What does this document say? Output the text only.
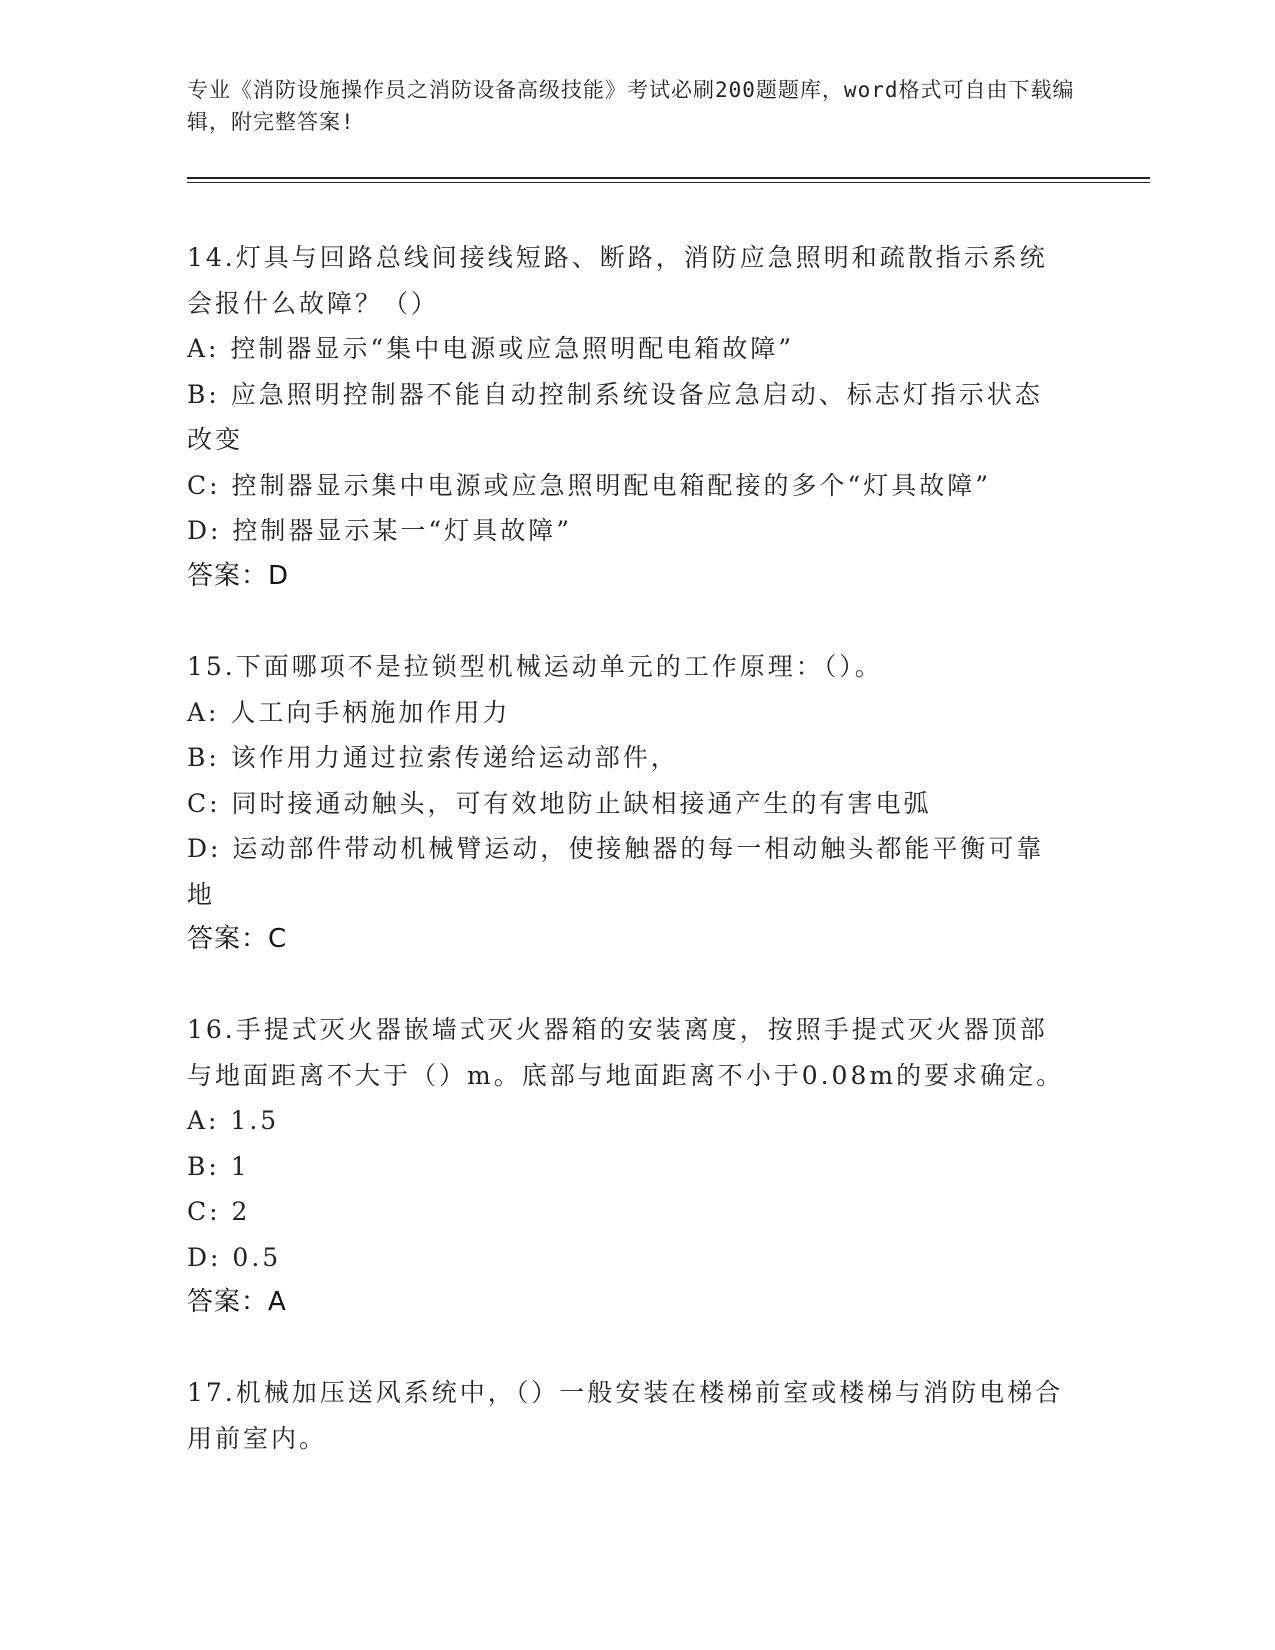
专业《消防设施操作员之消防设备高级技能》考试必刷200题题库，word格式可自由下载编辑，附完整答案!
14.灯具与回路总线间接线短路、断路，消防应急照明和疏散指示系统会报什么故障？（）
A: 控制器显示“集中电源或应急照明配电箱故障”
B: 应急照明控制器不能自动控制系统设备应急启动、标志灯指示状态改变
C: 控制器显示集中电源或应急照明配电箱配接的多个“灯具故障”
D: 控制器显示某一“灯具故障”
答案：D
15.下面哪项不是拉锁型机械运动单元的工作原理：（）。
A: 人工向手柄施加作用力
B: 该作用力通过拉索传递给运动部件，
C: 同时接通动触头，可有效地防止缺相接通产生的有害电弧
D: 运动部件带动机械臂运动，使接触器的每一相动触头都能平衡可靠地
答案：C
16.手提式灭火器嵌墙式灭火器箱的安装离度，按照手提式灭火器顶部与地面距离不大于（）m。底部与地面距离不小于0.08m的要求确定。
A: 1.5
B: 1
C: 2
D: 0.5
答案：A
17.机械加压送风系统中，（）一般安装在楼梯前室或楼梯与消防电梯合用前室内。
